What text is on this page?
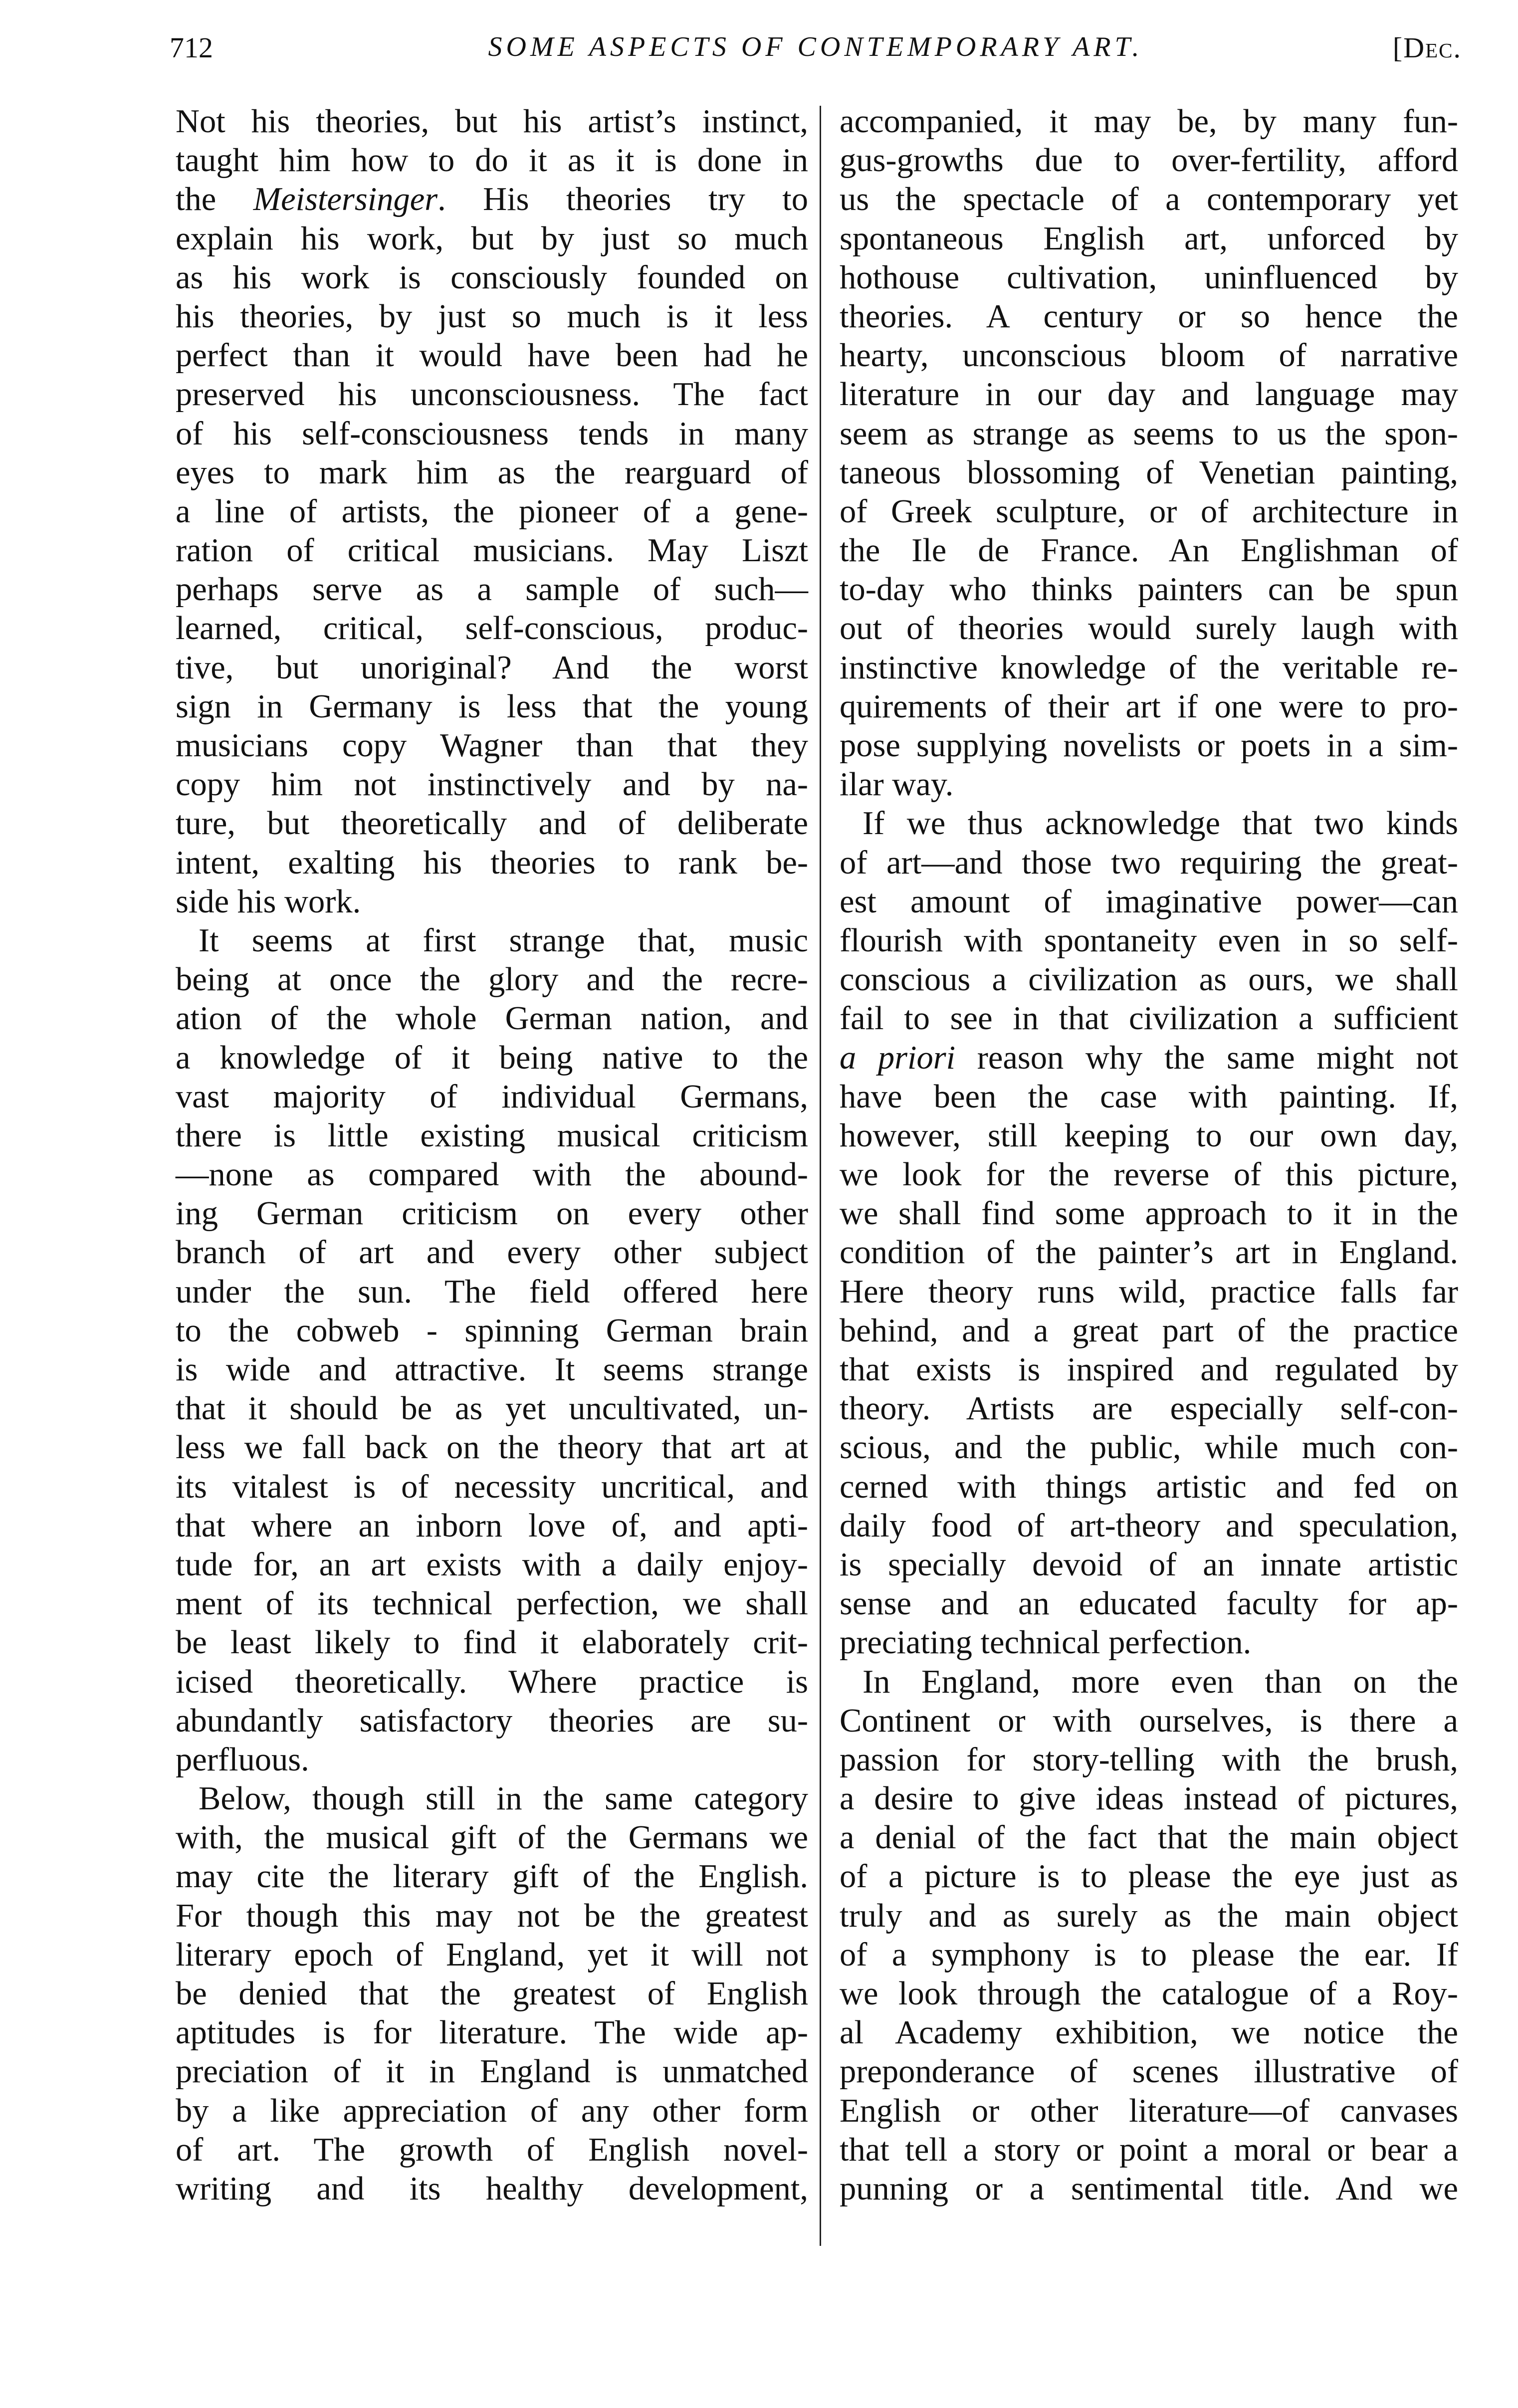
712	SOME ASPECTS OF CONTEMPORARY ART.	[Dec.
Not his theories, but his artist’s instinct,
taught him how to do it as it is done in
the Meistersinger. His theories try to
explain his work, but by just so much
as his work is consciously founded on
his theories, by just so much is it less
perfect than it would have been had he
preserved his unconsciousness. The fact
of his self-consciousness tends in many
eyes to mark him as the rearguard of
a line of artists, the pioneer of a gene-
ration of critical musicians. May Liszt
perhaps serve as a sample of such—
learned, critical, self-conscious, produc-
tive, but unoriginal? And the worst
sign in Germany is less that the young
musicians copy Wagner than that they
copy him not instinctively and by na-
ture, but theoretically and of deliberate
intent, exalting his theories to rank be-
side his work.
It seems at first strange that, music
being at once the glory and the recre-
ation of the whole German nation, and
a knowledge of it being native to the
vast majority of individual Germans,
there is little existing musical criticism
—none as compared with the abound-
ing German criticism on every other
branch of art and every other subject
under the sun. The field offered here
to the cobweb - spinning German brain
is wide and attractive. It seems strange
that it should be as yet uncultivated, un-
less we fall back on the theory that art at
its vitalest is of necessity uncritical, and
that where an inborn love of, and apti-
tude for, an art exists with a daily enjoy-
ment of its technical perfection, we shall
be least likely to find it elaborately crit-
icised theoretically. Where practice is
abundantly satisfactory theories are su-
perfluous.
Below, though still in the same category
with, the musical gift of the Germans we
may cite the literary gift of the English.
For though this may not be the greatest
literary epoch of England, yet it will not
be denied that the greatest of English
aptitudes is for literature. The wide ap-
preciation of it in England is unmatched
by a like appreciation of any other form
of art. The growth of English novel-
writing and its healthy development,
accompanied, it may be, by many fun-
gus-growths due to over-fertility, afford
us the spectacle of a contemporary yet
spontaneous English art, unforced by
hothouse cultivation, uninfluenced by
theories. A century or so hence the
hearty, unconscious bloom of narrative
literature in our day and language may
seem as strange as seems to us the spon-
taneous blossoming of Venetian painting,
of Greek sculpture, or of architecture in
the Ile de France. An Englishman of
to-day who thinks painters can be spun
out of theories would surely laugh with
instinctive knowledge of the veritable re-
quirements of their art if one were to pro-
pose supplying novelists or poets in a sim-
ilar way.
If we thus acknowledge that two kinds
of art—and those two requiring the great-
est amount of imaginative power—can
flourish with spontaneity even in so self-
conscious a civilization as ours, we shall
fail to see in that civilization a sufficient
a priori reason why the same might not
have been the case with painting. If,
however, still keeping to our own day,
we look for the reverse of this picture,
we shall find some approach to it in the
condition of the painter’s art in England.
Here theory runs wild, practice falls far
behind, and a great part of the practice
that exists is inspired and regulated by
theory. Artists are especially self-con-
scious, and the public, while much con-
cerned with things artistic and fed on
daily food of art-theory and speculation,
is specially devoid of an innate artistic
sense and an educated faculty for ap-
preciating technical perfection.
In England, more even than on the
Continent or with ourselves, is there a
passion for story-telling with the brush,
a desire to give ideas instead of pictures,
a denial of the fact that the main object
of a picture is to please the eye just as
truly and as surely as the main object
of a symphony is to please the ear. If
we look through the catalogue of a Roy-
al Academy exhibition, we notice the
preponderance of scenes illustrative of
English or other literature—of canvases
that tell a story or point a moral or bear a
punning or a sentimental title. And we
